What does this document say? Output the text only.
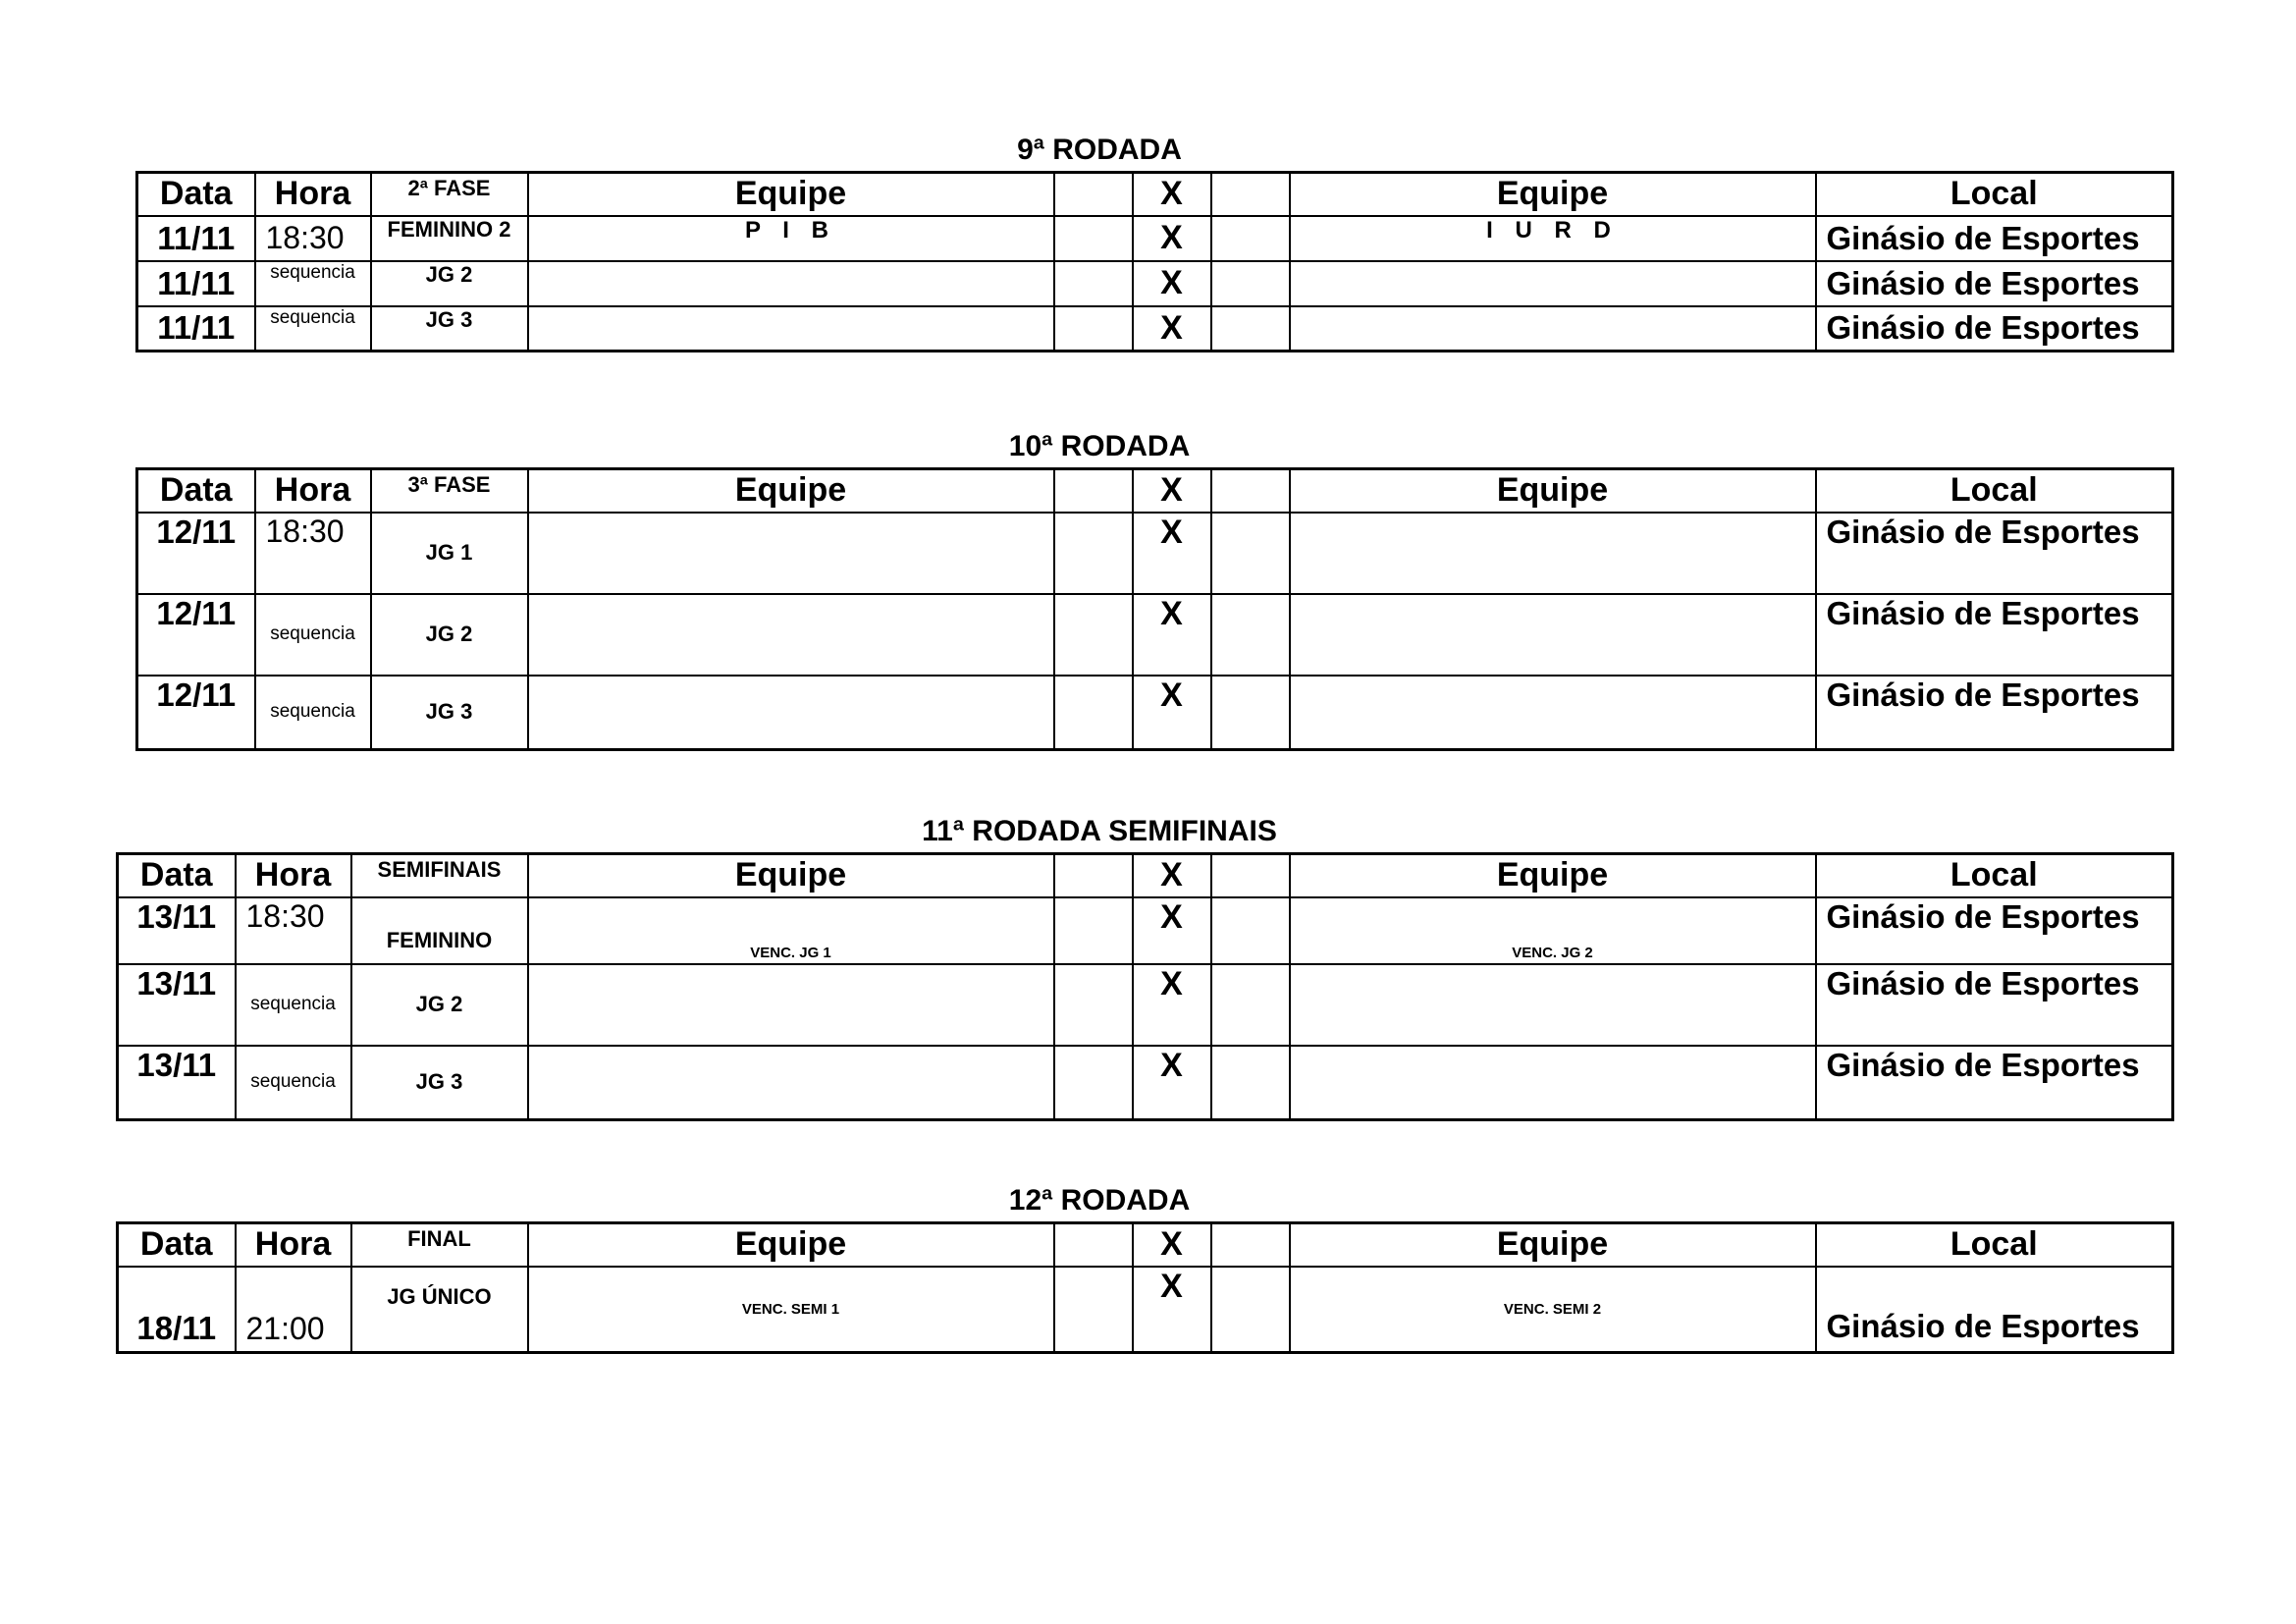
9ª RODADA
Data	Hora	2ª FASE	Equipe		X		Equipe	Local
11/11	18:30	FEMININO 2	P I B		X		I U R D	Ginásio de Esportes
11/11	sequencia	JG 2			X			Ginásio de Esportes
11/11	sequencia	JG 3			X			Ginásio de Esportes
10ª RODADA
Data	Hora	3ª FASE	Equipe		X		Equipe	Local
12/11	18:30	JG 1			X			Ginásio de Esportes
12/11	sequencia	JG 2			X			Ginásio de Esportes
12/11	sequencia	JG 3			X			Ginásio de Esportes
11ª RODADA SEMIFINAIS
Data	Hora	SEMIFINAIS	Equipe		X		Equipe	Local
13/11	18:30	FEMININO	VENC. JG 1		X		VENC. JG 2	Ginásio de Esportes
13/11	sequencia	JG 2			X			Ginásio de Esportes
13/11	sequencia	JG 3			X			Ginásio de Esportes
12ª RODADA
Data	Hora	FINAL	Equipe		X		Equipe	Local
18/11	21:00	JG ÚNICO	VENC. SEMI 1		X		VENC. SEMI 2	Ginásio de Esportes
